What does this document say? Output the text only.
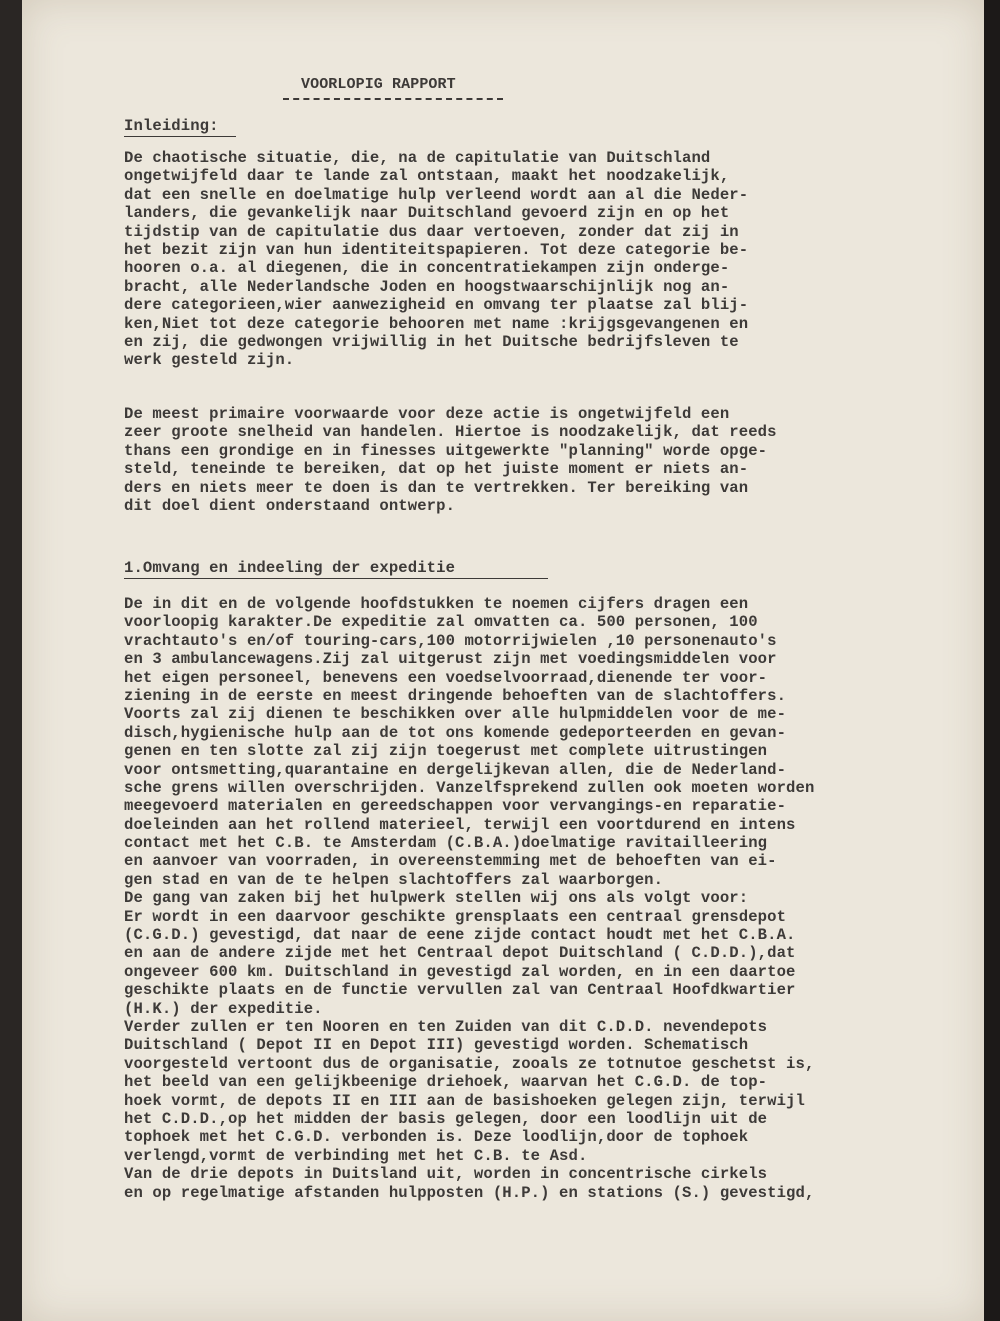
VOORLOPIG RAPPORT
Inleiding:
De chaotische situatie, die, na de capitulatie van Duitschland
ongetwijfeld daar te lande zal ontstaan, maakt het noodzakelijk,
dat een snelle en doelmatige hulp verleend wordt aan al die Neder-
landers, die gevankelijk naar Duitschland gevoerd zijn en op het
tijdstip van de capitulatie dus daar vertoeven, zonder dat zij in
het bezit zijn van hun identiteitspapieren. Tot deze categorie be-
hooren o.a. al diegenen, die in concentratiekampen zijn onderge-
bracht, alle Nederlandsche Joden en hoogstwaarschijnlijk nog an-
dere categorieen,wier aanwezigheid en omvang ter plaatse zal blij-
ken,Niet tot deze categorie behooren met name :krijgsgevangenen en
en zij, die gedwongen vrijwillig in het Duitsche bedrijfsleven te
werk gesteld zijn.
De meest primaire voorwaarde voor deze actie is ongetwijfeld een
zeer groote snelheid van handelen. Hiertoe is noodzakelijk, dat reeds
thans een grondige en in finesses uitgewerkte "planning" worde opge-
steld, teneinde te bereiken, dat op het juiste moment er niets an-
ders en niets meer te doen is dan te vertrekken. Ter bereiking van
dit doel dient onderstaand ontwerp.
1.Omvang en indeeling der expeditie
De in dit en de volgende hoofdstukken te noemen cijfers dragen een
voorloopig karakter.De expeditie zal omvatten ca. 500 personen, 100
vrachtauto's en/of touring-cars,100 motorrijwielen ,10 personenauto's
en 3 ambulancewagens.Zij zal uitgerust zijn met voedingsmiddelen voor
het eigen personeel, benevens een voedselvoorraad,dienende ter voor-
ziening in de eerste en meest dringende behoeften van de slachtoffers.
Voorts zal zij dienen te beschikken over alle hulpmiddelen voor de me-
disch,hygienische hulp aan de tot ons komende gedeporteerden en gevan-
genen en ten slotte zal zij zijn toegerust met complete uitrustingen
voor ontsmetting,quarantaine en dergelijkevan allen, die de Nederland-
sche grens willen overschrijden. Vanzelfsprekend zullen ook moeten worden
meegevoerd materialen en gereedschappen voor vervangings-en reparatie-
doeleinden aan het rollend materieel, terwijl een voortdurend en intens
contact met het C.B. te Amsterdam (C.B.A.)doelmatige ravitailleering
en aanvoer van voorraden, in overeenstemming met de behoeften van ei-
gen stad en van de te helpen slachtoffers zal waarborgen.
De gang van zaken bij het hulpwerk stellen wij ons als volgt voor:
Er wordt in een daarvoor geschikte grensplaats een centraal grensdepot
(C.G.D.) gevestigd, dat naar de eene zijde contact houdt met het C.B.A.
en aan de andere zijde met het Centraal depot Duitschland ( C.D.D.),dat
ongeveer 600 km. Duitschland in gevestigd zal worden, en in een daartoe
geschikte plaats en de functie vervullen zal van Centraal Hoofdkwartier
(H.K.) der expeditie.
Verder zullen er ten Nooren en ten Zuiden van dit C.D.D. nevendepots
Duitschland ( Depot II en Depot III) gevestigd worden. Schematisch
voorgesteld vertoont dus de organisatie, zooals ze totnutoe geschetst is,
het beeld van een gelijkbeenige driehoek, waarvan het C.G.D. de top-
hoek vormt, de depots II en III aan de basishoeken gelegen zijn, terwijl
het C.D.D.,op het midden der basis gelegen, door een loodlijn uit de
tophoek met het C.G.D. verbonden is. Deze loodlijn,door de tophoek
verlengd,vormt de verbinding met het C.B. te Asd.
Van de drie depots in Duitsland uit, worden in concentrische cirkels
en op regelmatige afstanden hulpposten (H.P.) en stations (S.) gevestigd,
